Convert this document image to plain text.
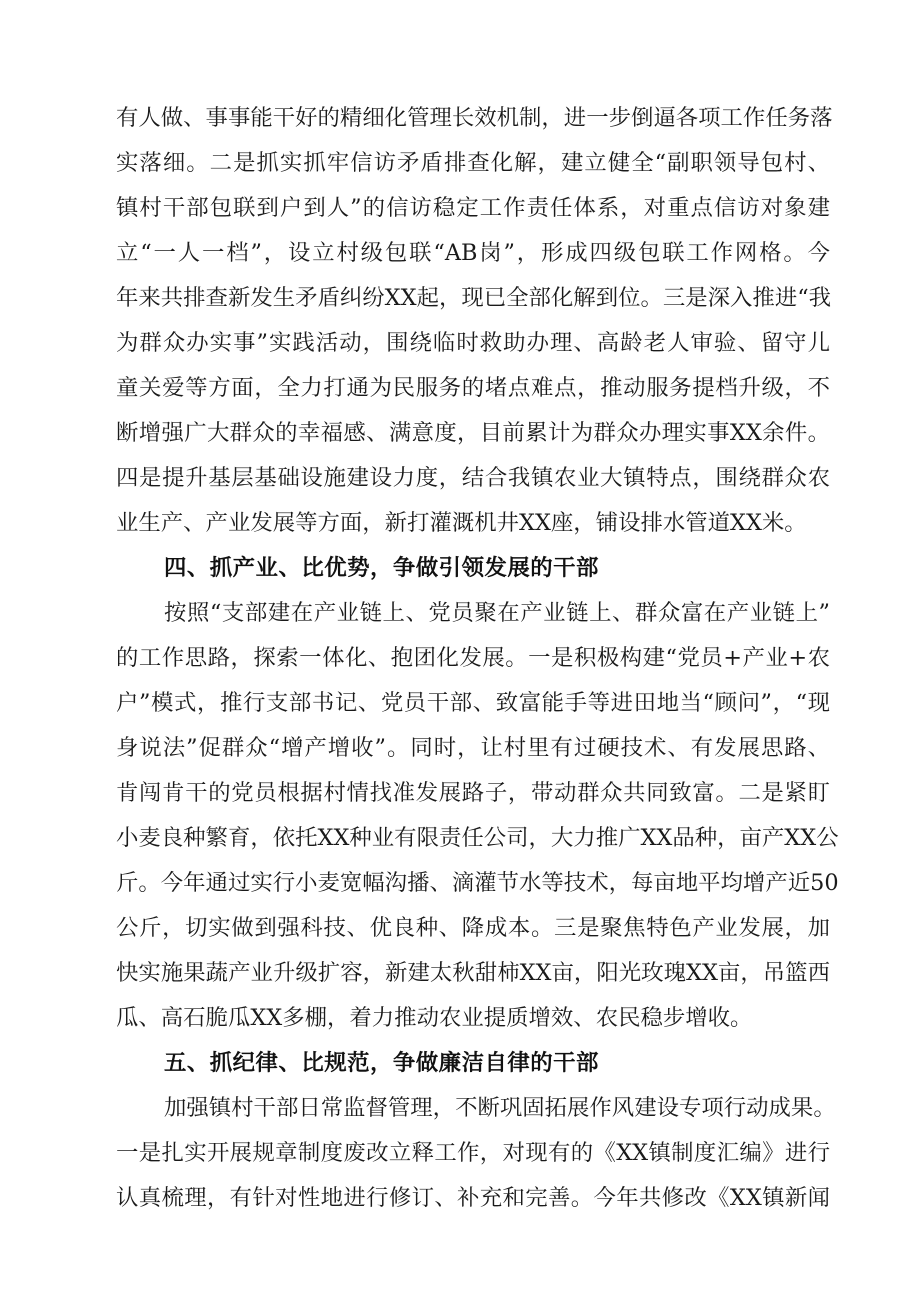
有人做、事事能干好的精细化管理长效机制，进一步倒逼各项工作任务落
实落细。二是抓实抓牢信访矛盾排查化解，建立健全“副职领导包村、
镇村干部包联到户到人”的信访稳定工作责任体系，对重点信访对象建
立“一人一档”，设立村级包联“AB岗”，形成四级包联工作网格。今
年来共排查新发生矛盾纠纷XX起，现已全部化解到位。三是深入推进“我
为群众办实事”实践活动，围绕临时救助办理、高龄老人审验、留守儿
童关爱等方面，全力打通为民服务的堵点难点，推动服务提档升级，不
断增强广大群众的幸福感、满意度，目前累计为群众办理实事XX余件。
四是提升基层基础设施建设力度，结合我镇农业大镇特点，围绕群众农
业生产、产业发展等方面，新打灌溉机井XX座，铺设排水管道XX米。
四、抓产业、比优势，争做引领发展的干部
按照“支部建在产业链上、党员聚在产业链上、群众富在产业链上”
的工作思路，探索一体化、抱团化发展。一是积极构建“党员+产业+农
户”模式，推行支部书记、党员干部、致富能手等进田地当“顾问”，“现
身说法”促群众“增产增收”。同时，让村里有过硬技术、有发展思路、
肯闯肯干的党员根据村情找准发展路子，带动群众共同致富。二是紧盯
小麦良种繁育，依托XX种业有限责任公司，大力推广XX品种，亩产XX公
斤。今年通过实行小麦宽幅沟播、滴灌节水等技术，每亩地平均增产近50
公斤，切实做到强科技、优良种、降成本。三是聚焦特色产业发展，加
快实施果蔬产业升级扩容，新建太秋甜柿XX亩，阳光玫瑰XX亩，吊篮西
瓜、高石脆瓜XX多棚，着力推动农业提质增效、农民稳步增收。
五、抓纪律、比规范，争做廉洁自律的干部
加强镇村干部日常监督管理，不断巩固拓展作风建设专项行动成果。
一是扎实开展规章制度废改立释工作，对现有的《XX镇制度汇编》进行
认真梳理，有针对性地进行修订、补充和完善。今年共修改《XX镇新闻
